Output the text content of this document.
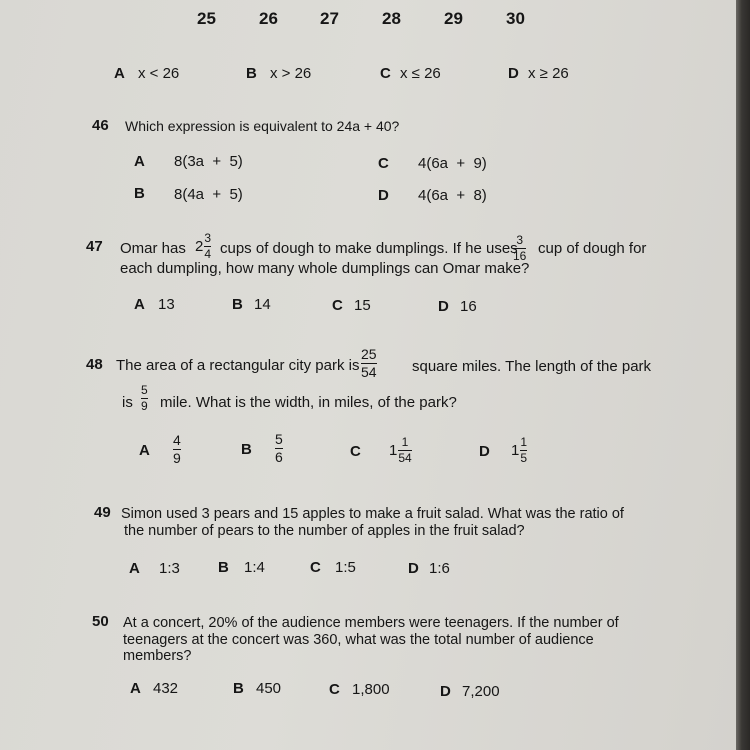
25	26 27	28	29	30
A x < 26	B x > 26	C x ≤ 26	D x ≥ 26
46 Which expression is equivalent to 24a + 40?
A 8(3a  +  5)
B 8(4a  +  5)
C 4(6a  +  9)
D 4(6a  +  8)
47 Omar has $2 \frac{3}{4}$ cups of dough to make dumplings. If he uses
3
16 cup of dough for
each dumpling, how many whole dumplings can Omar make?
A 13	B 14	C 15	D 16
48 The area of a rectangular city park is
25
54 square miles. The length of the park
is
5
9 mile. What is the width, in miles, of the park?
A
4
9	B
5
6	C $1 \frac{1}{54}$	D $1 \frac{1}{5}$
49 Simon used 3 pears and 15 apples to make a fruit salad. What was the ratio of
the number of pears to the number of apples in the fruit salad?
A 1:3	B 1:4	C 1:5	D 1:6
50 At a concert, 20% of the audience members were teenagers. If the number of
teenagers at the concert was 360, what was the total number of audience
members?
A 432	B 450	C 1,800	D 7,200
